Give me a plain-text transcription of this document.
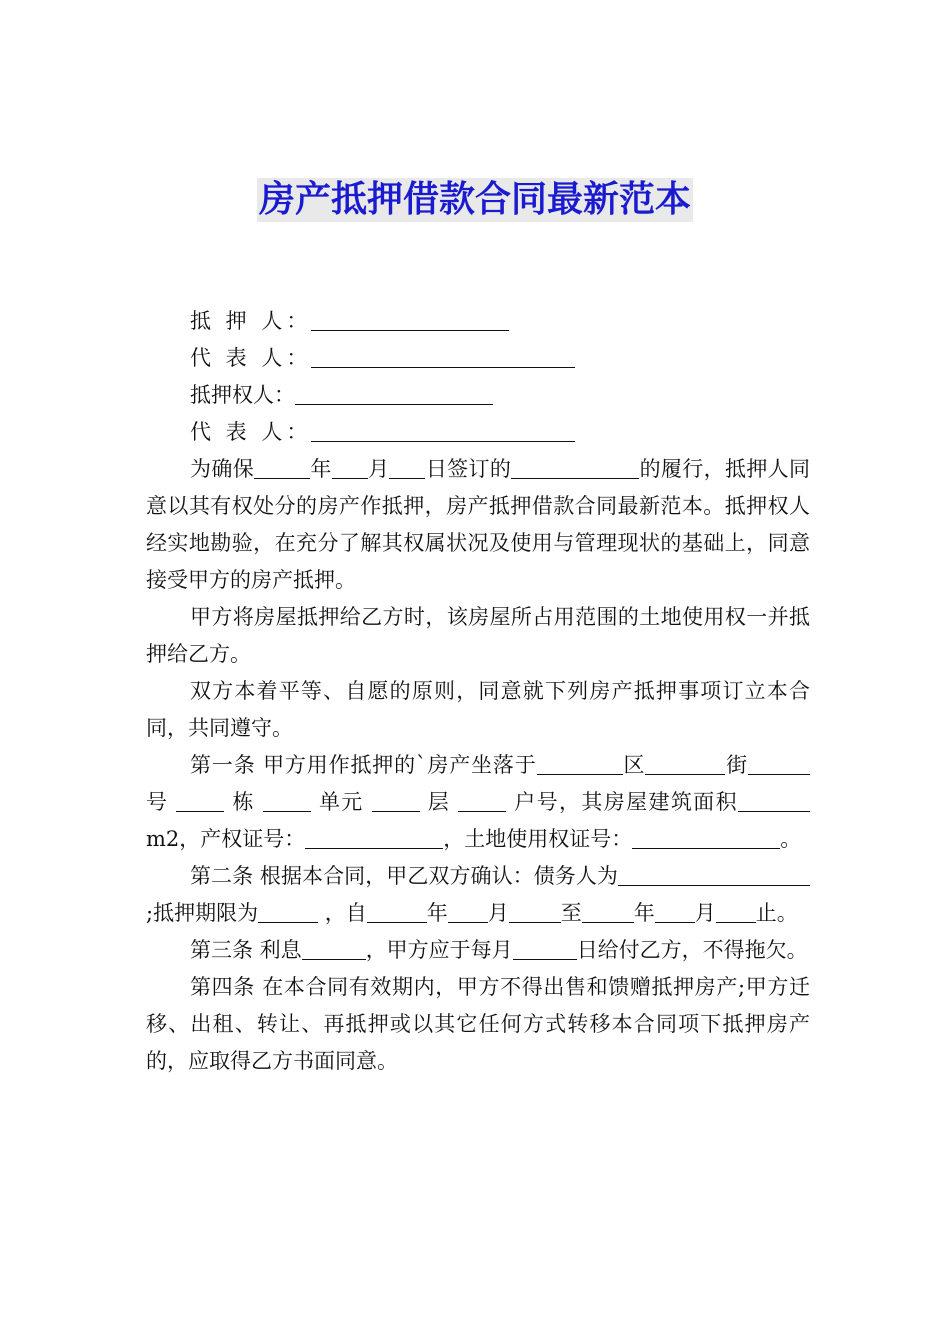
房产抵押借款合同最新范本
抵 押 人：
代 表 人：
抵押权人：
代 表 人：

为确保	年 月 日签订的	的履行，抵押人同意以其有权处分的房产作抵押，房产抵押借款合同最新范本。抵押权人经实地勘验，在充分了解其权属状况及使用与管理现状的基础上，同意接受甲方的房产抵押。

甲方将房屋抵押给乙方时，该房屋所占用范围的土地使用权一并抵押给乙方。

双方本着平等、自愿的原则，同意就下列房产抵押事项订立本合同，共同遵守。

第一条 甲方用作抵押的`房产坐落于	区	街 号	栋	单元	层	户号，其房屋建筑面积m2，产权证号：	，土地使用权证号：	。

第二条 根据本合同，甲乙双方确认：债务人为;抵押期限为	，自	年 月 至 年 月 止。

第三条 利息	，甲方应于每月	日给付乙方，不得拖欠。

第四条 在本合同有效期内，甲方不得出售和馈赠抵押房产;甲方迁移、出租、转让、再抵押或以其它任何方式转移本合同项下抵押房产的，应取得乙方书面同意。
